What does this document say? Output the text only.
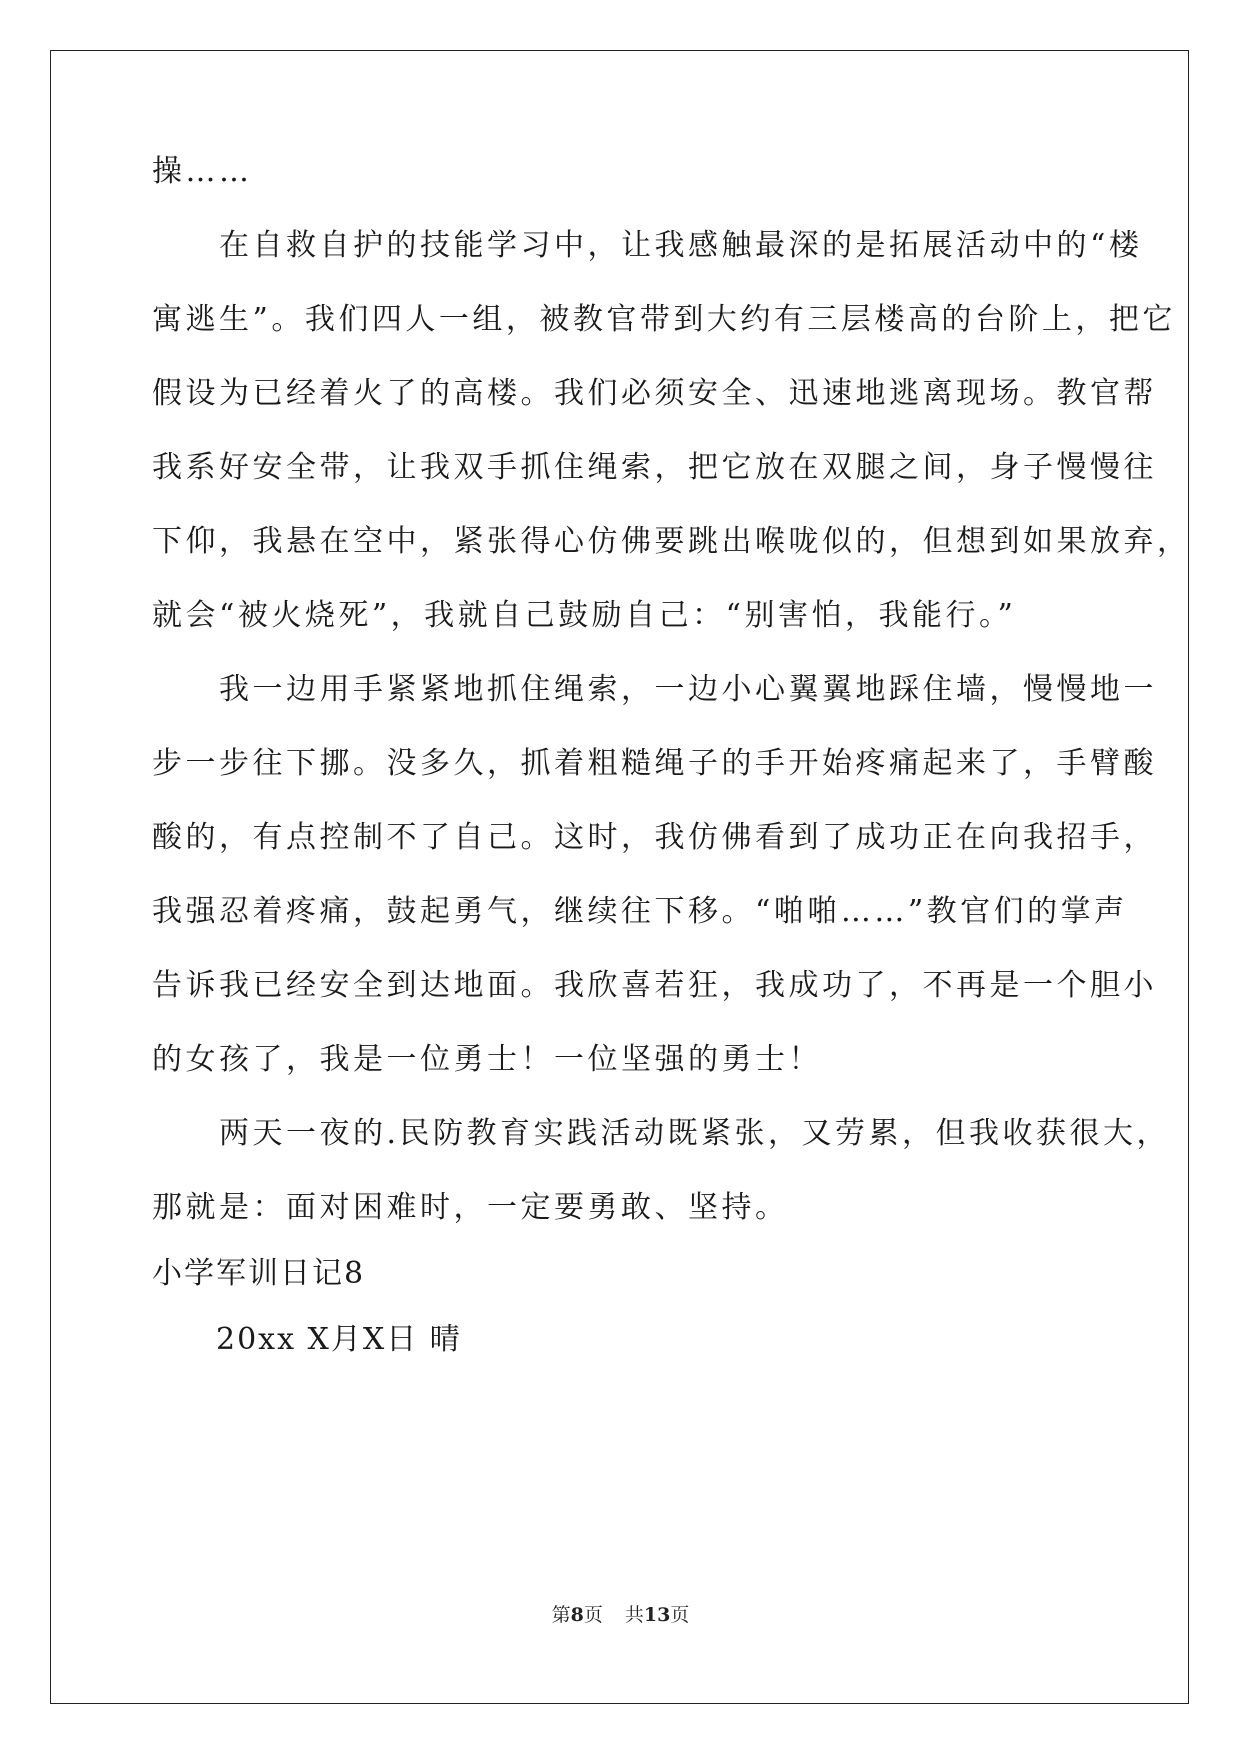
操……
　　在自救自护的技能学习中，让我感触最深的是拓展活动中的“楼
寓逃生”。我们四人一组，被教官带到大约有三层楼高的台阶上，把它
假设为已经着火了的高楼。我们必须安全、迅速地逃离现场。教官帮
我系好安全带，让我双手抓住绳索，把它放在双腿之间，身子慢慢往
下仰，我悬在空中，紧张得心仿佛要跳出喉咙似的，但想到如果放弃，
就会“被火烧死”，我就自己鼓励自己：“别害怕，我能行。”
　　我一边用手紧紧地抓住绳索，一边小心翼翼地踩住墙，慢慢地一
步一步往下挪。没多久，抓着粗糙绳子的手开始疼痛起来了，手臂酸
酸的，有点控制不了自己。这时，我仿佛看到了成功正在向我招手，
我强忍着疼痛，鼓起勇气，继续往下移。“啪啪……”教官们的掌声
告诉我已经安全到达地面。我欣喜若狂，我成功了，不再是一个胆小
的女孩了，我是一位勇士！一位坚强的勇士！
　　两天一夜的.民防教育实践活动既紧张，又劳累，但我收获很大，
那就是：面对困难时，一定要勇敢、坚持。
小学军训日记8
　　20xx X月X日 晴
第8页 共13页
